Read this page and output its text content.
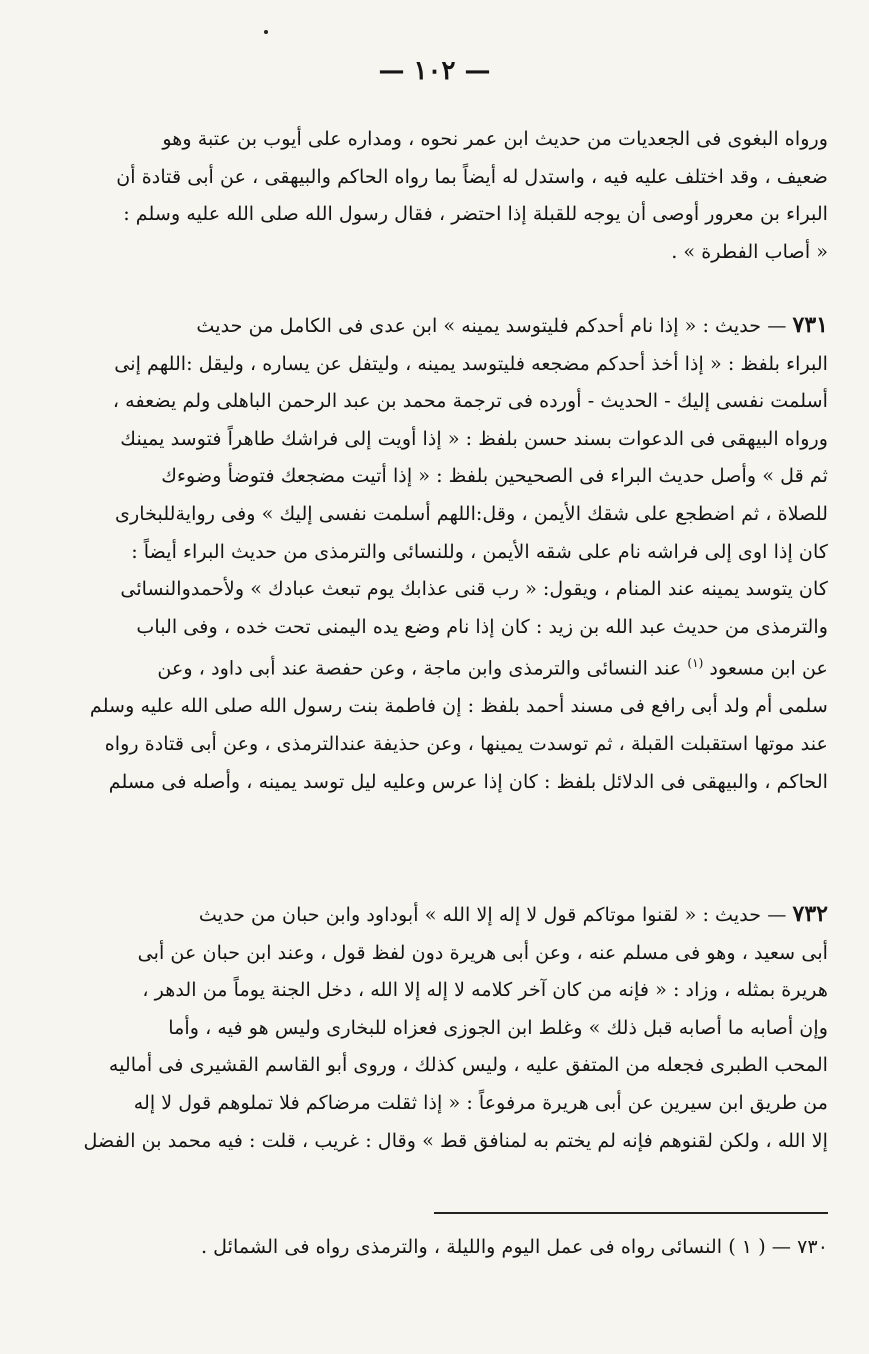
— ١٠٢ —

ورواه البغوى فى الجعديات من حديث ابن عمر نحوه ، ومداره على أيوب بن عتبة وهو

ضعيف ، وقد اختلف عليه فيه ، واستدل له أيضاً بما رواه الحاكم والبيهقى ، عن أبى قتادة أن

البراء بن معرور أوصى أن يوجه للقبلة إذا احتضر ، فقال رسول الله صلى الله عليه وسلم :

« أصاب الفطرة » .

٧٣١ — حديث : « إذا نام أحدكم فليتوسد يمينه » ابن عدى فى الكامل من حديث

البراء بلفظ : « إذا أخذ أحدكم مضجعه فليتوسد يمينه ، وليتفل عن يساره ، وليقل :اللهم إنى

أسلمت نفسى إليك - الحديث - أورده فى ترجمة محمد بن عبد الرحمن الباهلى ولم يضعفه ،

ورواه البيهقى فى الدعوات بسند حسن بلفظ : « إذا أويت إلى فراشك طاهراً فتوسد يمينك

ثم قل » وأصل حديث البراء فى الصحيحين بلفظ : « إذا أتيت مضجعك فتوضأ وضوءك

للصلاة ، ثم اضطجع على شقك الأيمن ، وقل:اللهم أسلمت نفسى إليك » وفى روايةللبخارى

كان إذا اوى إلى فراشه نام على شقه الأيمن ، وللنسائى والترمذى من حديث البراء أيضاً :

كان يتوسد يمينه عند المنام ، ويقول: « رب قنى عذابك يوم تبعث عبادك » ولأحمدوالنسائى

والترمذى من حديث عبد الله بن زيد : كان إذا نام وضع يده اليمنى تحت خده ، وفى الباب

عن ابن مسعود $^{(١)}$ عند النسائى والترمذى وابن ماجة ، وعن حفصة عند أبى داود ، وعن

سلمى أم ولد أبى رافع فى مسند أحمد بلفظ : إن فاطمة بنت رسول الله صلى الله عليه وسلم

عند موتها استقبلت القبلة ، ثم توسدت يمينها ، وعن حذيفة عندالترمذى ، وعن أبى قتادة رواه

الحاكم ، والبيهقى فى الدلائل بلفظ : كان إذا عرس وعليه ليل توسد يمينه ، وأصله فى مسلم

٧٣٢ — حديث : « لقنوا موتاكم قول لا إله إلا الله » أبوداود وابن حبان من حديث

أبى سعيد ، وهو فى مسلم عنه ، وعن أبى هريرة دون لفظ قول ، وعند ابن حبان عن أبى

هريرة بمثله ، وزاد : « فإنه من كان آخر كلامه لا إله إلا الله ، دخل الجنة يوماً من الدهر ،

وإن أصابه ما أصابه قبل ذلك » وغلط ابن الجوزى فعزاه للبخارى وليس هو فيه ، وأما

المحب الطبرى فجعله من المتفق عليه ، وليس كذلك ، وروى أبو القاسم القشيرى فى أماليه

من طريق ابن سيرين عن أبى هريرة مرفوعاً : « إذا ثقلت مرضاكم فلا تملوهم قول لا إله

إلا الله ، ولكن لقنوهم فإنه لم يختم به لمنافق قط » وقال : غريب ، قلت : فيه محمد بن الفضل

٧٣٠ — ( ١ ) النسائى رواه فى عمل اليوم والليلة ، والترمذى رواه فى الشمائل .
